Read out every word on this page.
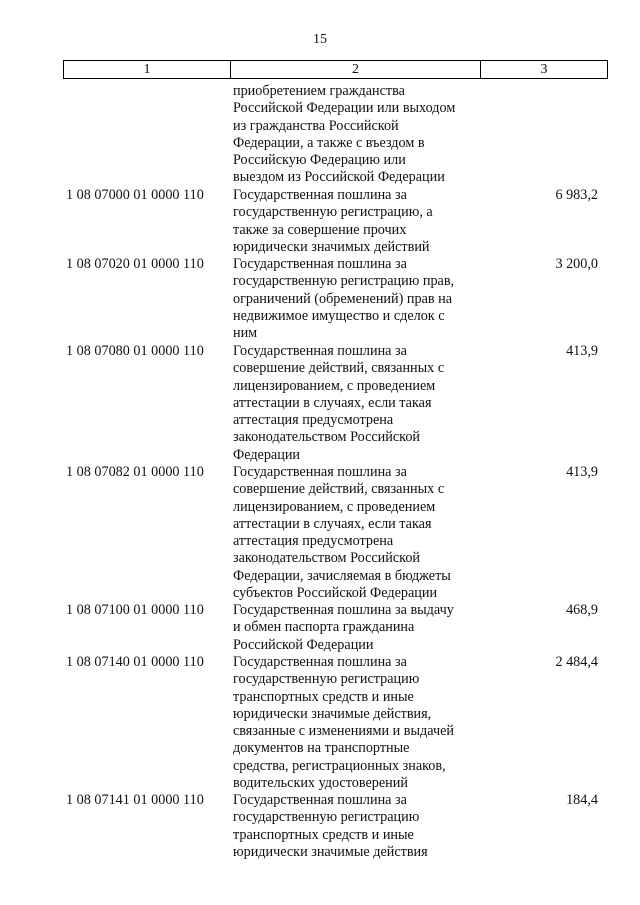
15
1	2	3
приобретением гражданства
Российской Федерации или выходом
из гражданства Российской
Федерации, а также с въездом в
Российскую Федерацию или
выездом из Российской Федерации
1 08 07000 01 0000 110 Государственная пошлина за
государственную регистрацию, а
также за совершение прочих
юридически значимых действий
6 983,2
1 08 07020 01 0000 110 Государственная пошлина за
государственную регистрацию прав,
ограничений (обременений) прав на
недвижимое имущество и сделок с
ним
3 200,0
1 08 07080 01 0000 110 Государственная пошлина за
совершение действий, связанных с
лицензированием, с проведением
аттестации в случаях, если такая
аттестация предусмотрена
законодательством Российской
Федерации
413,9
1 08 07082 01 0000 110 Государственная пошлина за
совершение действий, связанных с
лицензированием, с проведением
аттестации в случаях, если такая
аттестация предусмотрена
законодательством Российской
Федерации, зачисляемая в бюджеты
субъектов Российской Федерации
413,9
1 08 07100 01 0000 110 Государственная пошлина за выдачу
и обмен паспорта гражданина
Российской Федерации
468,9
1 08 07140 01 0000 110 Государственная пошлина за
государственную регистрацию
транспортных средств и иные
юридически значимые действия,
связанные с изменениями и выдачей
документов на транспортные
средства, регистрационных знаков,
водительских удостоверений
2 484,4
1 08 07141 01 0000 110 Государственная пошлина за
государственную регистрацию
транспортных средств и иные
юридически значимые действия
184,4
